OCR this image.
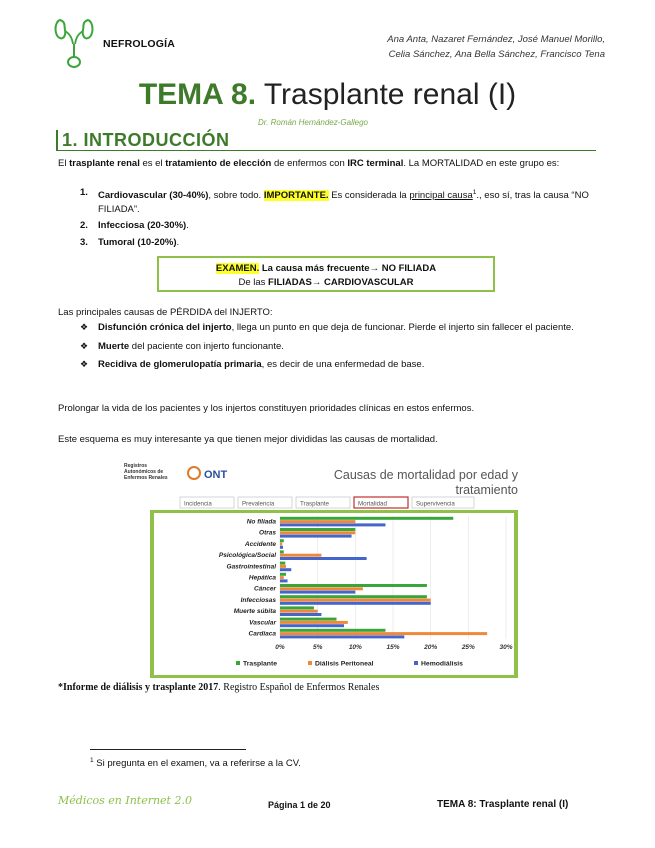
NEFROLOGÍA	Ana Anta, Nazaret Fernández, José Manuel Morillo,
Celia Sánchez, Ana Bella Sánchez, Francisco Tena
TEMA 8. Trasplante renal (I)
Dr. Román Hernández-Gallego
1. INTRODUCCIÓN
El trasplante renal es el tratamiento de elección de enfermos con IRC terminal. La MORTALIDAD en este grupo es:
1. Cardiovascular (30-40%), sobre todo. IMPORTANTE. Es considerada la principal causa$^1$., eso sí, tras la causa “NO FILIADA”.
2. Infecciosa (20-30%).
3. Tumoral (10-20%).
EXAMEN. La causa más frecuente→ NO FILIADA
De las FILIADAS→ CARDIOVASCULAR
Las principales causas de PÉRDIDA del INJERTO:
❖ Disfunción crónica del injerto, llega un punto en que deja de funcionar. Pierde el injerto sin fallecer el paciente.
❖ Muerte del paciente con injerto funcionante.
❖ Recidiva de glomerulopatía primaria, es decir de una enfermedad de base.
Prolongar la vida de los pacientes y los injertos constituyen prioridades clínicas en estos enfermos.
Este esquema es muy interesante ya que tienen mejor divididas las causas de mortalidad.
Registros
Autonómicos de
Enfermos Renales	ONT	Causas de mortalidad por edad y
tratamiento
Incidencia	Prevalencia	Trasplante	Mortalidad	Supervivencia
0%	5%	10%	15%	20%	25%	30%
No filiada
Otras
Accidente
Psicológica/Social
Gastrointestinal
Hepática
Cáncer
Infecciosas
Muerte súbita
Vascular
Cardiaca
Trasplante	Diálisis Peritoneal	Hemodiálisis
*Informe de diálisis y trasplante 2017. Registro Español de Enfermos Renales
$^1$ Si pregunta en el examen, va a referirse a la CV.
Médicos en Internet 2.0	Página 1 de 20	TEMA 8: Trasplante renal (I)
